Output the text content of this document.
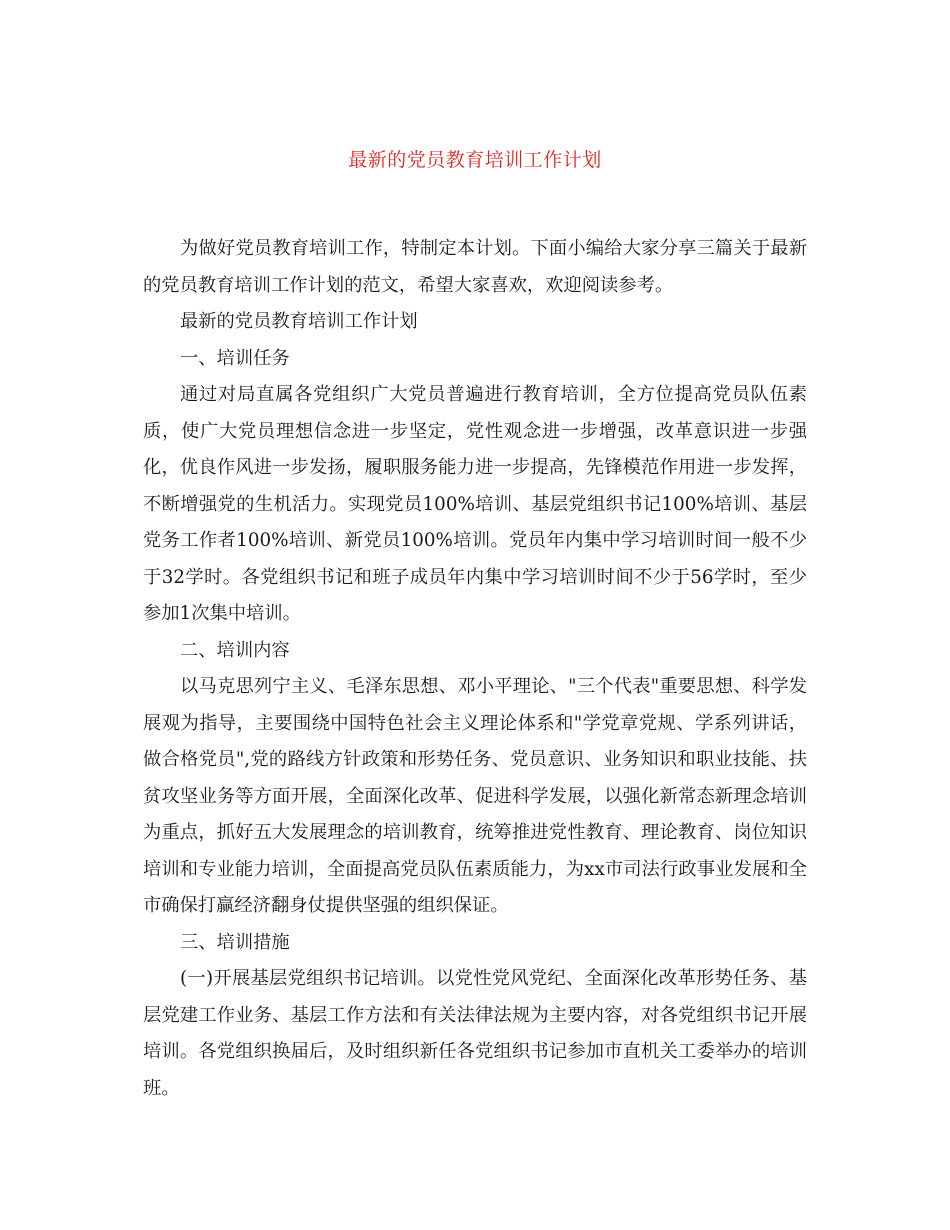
最新的党员教育培训工作计划

为做好党员教育培训工作，特制定本计划。下面小编给大家分享三篇关于最新的党员教育培训工作计划的范文，希望大家喜欢，欢迎阅读参考。

最新的党员教育培训工作计划

一、培训任务

通过对局直属各党组织广大党员普遍进行教育培训，全方位提高党员队伍素质，使广大党员理想信念进一步坚定，党性观念进一步增强，改革意识进一步强化，优良作风进一步发扬，履职服务能力进一步提高，先锋模范作用进一步发挥，不断增强党的生机活力。实现党员100%培训、基层党组织书记100%培训、基层党务工作者100%培训、新党员100%培训。党员年内集中学习培训时间一般不少于32学时。各党组织书记和班子成员年内集中学习培训时间不少于56学时，至少参加1次集中培训。

二、培训内容

以马克思列宁主义、毛泽东思想、邓小平理论、"三个代表"重要思想、科学发展观为指导，主要围绕中国特色社会主义理论体系和"学党章党规、学系列讲话，做合格党员",党的路线方针政策和形势任务、党员意识、业务知识和职业技能、扶贫攻坚业务等方面开展，全面深化改革、促进科学发展，以强化新常态新理念培训为重点，抓好五大发展理念的培训教育，统筹推进党性教育、理论教育、岗位知识培训和专业能力培训，全面提高党员队伍素质能力，为xx市司法行政事业发展和全市确保打赢经济翻身仗提供坚强的组织保证。

三、培训措施

(一)开展基层党组织书记培训。以党性党风党纪、全面深化改革形势任务、基层党建工作业务、基层工作方法和有关法律法规为主要内容，对各党组织书记开展培训。各党组织换届后，及时组织新任各党组织书记参加市直机关工委举办的培训班。
